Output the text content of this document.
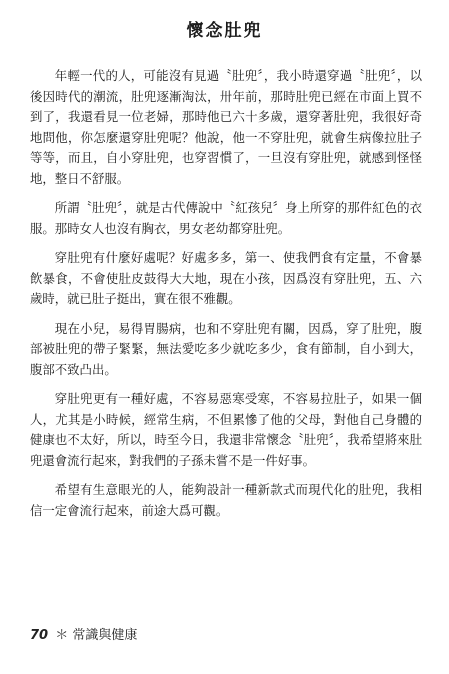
懷念肚兜

年輕一代的人，可能沒有見過〝肚兜〞，我小時還穿過〝肚兜〞，以後因時代的潮流，肚兜逐漸淘汰，卅年前，那時肚兜已經在市面上買不到了，我還看見一位老婦，那時他已六十多歲，還穿著肚兜，我很好奇地問他，你怎麼還穿肚兜呢？他說，他一不穿肚兜，就會生病像拉肚子等等，而且，自小穿肚兜，也穿習慣了，一旦沒有穿肚兜，就感到怪怪地，整日不舒服。

所謂〝肚兜〞，就是古代傳說中〝紅孩兒〞身上所穿的那件紅色的衣服。那時女人也沒有胸衣，男女老幼都穿肚兜。

穿肚兜有什麼好處呢？好處多多，第一、使我們食有定量，不會暴飲暴食，不會使肚皮鼓得大大地，現在小孩，因爲沒有穿肚兜，五、六歲時，就已肚子挺出，實在很不雅觀。

現在小兒，易得胃腸病，也和不穿肚兜有關，因爲，穿了肚兜，腹部被肚兜的帶子緊緊，無法愛吃多少就吃多少，食有節制，自小到大，腹部不致凸出。

穿肚兜更有一種好處，不容易惡寒受寒，不容易拉肚子，如果一個人，尤其是小時候，經常生病，不但累慘了他的父母，對他自己身體的健康也不太好，所以，時至今日，我還非常懷念〝肚兜〞，我希望將來肚兜還會流行起來，對我們的子孫未嘗不是一件好事。

希望有生意眼光的人，能夠設計一種新款式而現代化的肚兜，我相信一定會流行起來，前途大爲可觀。

70 ＊ 常識與健康
